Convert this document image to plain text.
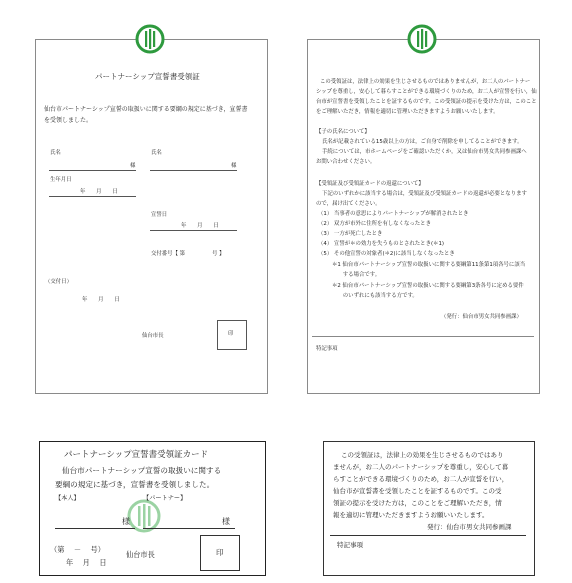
パートナーシップ宣誓書受領証
仙台市パートナーシップ宣誓の取扱いに関する要綱の規定に基づき，宣誓書
を受領しました。
氏名	氏名
様	様
生年月日
年　　月　　日
宣誓日
年　　月　　日
交付番号【 第　　　　　号 】
（交付日）
年　　月　　日
仙台市長	印
この受領証は，法律上の効果を生じさせるものではありませんが，お二人のパートナー
シップを尊重し，安心して暮らすことができる環境づくりのため，お二人が宣誓を行い，仙
台市が宣誓書を受領したことを証するものです。この受領証の提示を受けた方は，このこと
をご理解いただき，情報を適切に管理いただきますようお願いいたします。
【子の氏名について】
氏名が記載されている15歳以上の方は，ご自身で削除を申してることができます。
手続については，市ホームページをご確認いただくか，又は仙台市男女共同参画課へ
お問い合わせください。
【受領証及び受領証カードの返還について】
下記のいずれかに該当する場合は，受領証及び受領証カードの返還が必要となります
ので，届け出てください。
（1） 当事者の意思によりパートナーシップが解消されたとき
（2） 双方が市外に住所を有しなくなったとき
（3） 一方が死亡したとき
（4） 宣誓が＊の効力を失うものとされたとき(＊1)
（5） その他宣誓の対象者(＊2)に該当しなくなったとき
＊1 仙台市パートナーシップ宣誓の取扱いに関する要綱第11条第1項各号に該当
　　する場合です。
＊2 仙台市パートナーシップ宣誓の取扱いに関する要綱第3条各号に定める要件
　　のいずれにも該当する方です。
（発行：仙台市男女共同参画課）
特記事項
パートナーシップ宣誓書受領証カード
仙台市パートナーシップ宣誓の取扱いに関する
要綱の規定に基づき，宣誓書を受領しました。
【本人】	【パートナー】
様	様
（第　 －　 号）
年　 月　 日
仙台市長	印
この受領証は，法律上の効果を生じさせるものではあり
ませんが，お二人のパートナーシップを尊重し，安心して暮
らすことができる環境づくりのため，お二人が宣誓を行い，
仙台市が宣誓書を受領したことを証するものです。この受
領証の提示を受けた方は，このことをご理解いただき，情
報を適切に管理いただきますようお願いいたします。
発行：仙台市男女共同参画課
特記事項
